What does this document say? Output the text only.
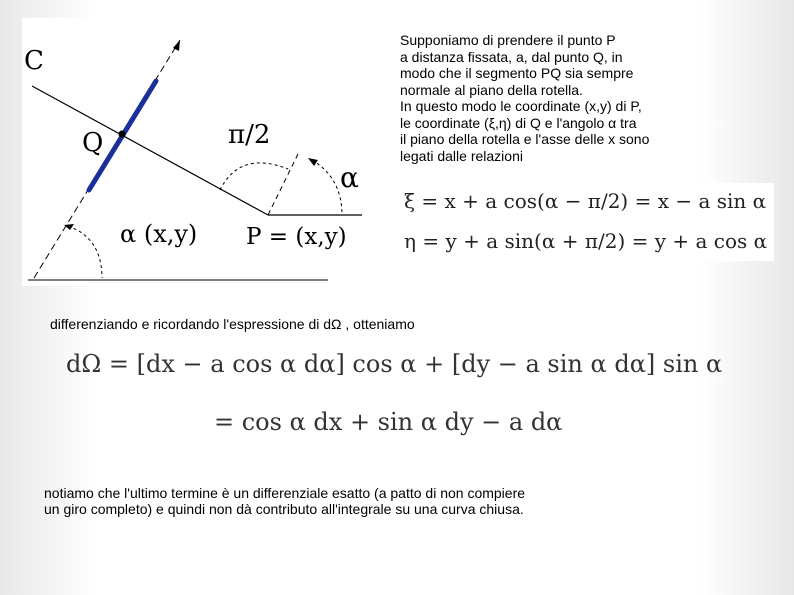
C
Q	π/2
α
α (x,y) P = (x,y)
Supponiamo di prendere il punto P
a distanza fissata, a, dal punto Q, in
modo che il segmento PQ sia sempre
normale al piano della rotella.
In questo modo le coordinate (x,y) di P,
le coordinate (ξ,η) di Q e l'angolo α tra
il piano della rotella e l'asse delle x sono
legati dalle relazioni
ξ = x + a cos(α − π/2) = x − a sin α
η = y + a sin(α + π/2) = y + a cos α
differenziando e ricordando l'espressione di dΩ , otteniamo
dΩ = [dx − a cos α dα] cos α + [dy − a sin α dα] sin α
= cos α dx + sin α dy − a dα
notiamo che l'ultimo termine è un differenziale esatto (a patto di non compiere
un giro completo) e quindi non dà contributo all'integrale su una curva chiusa.
